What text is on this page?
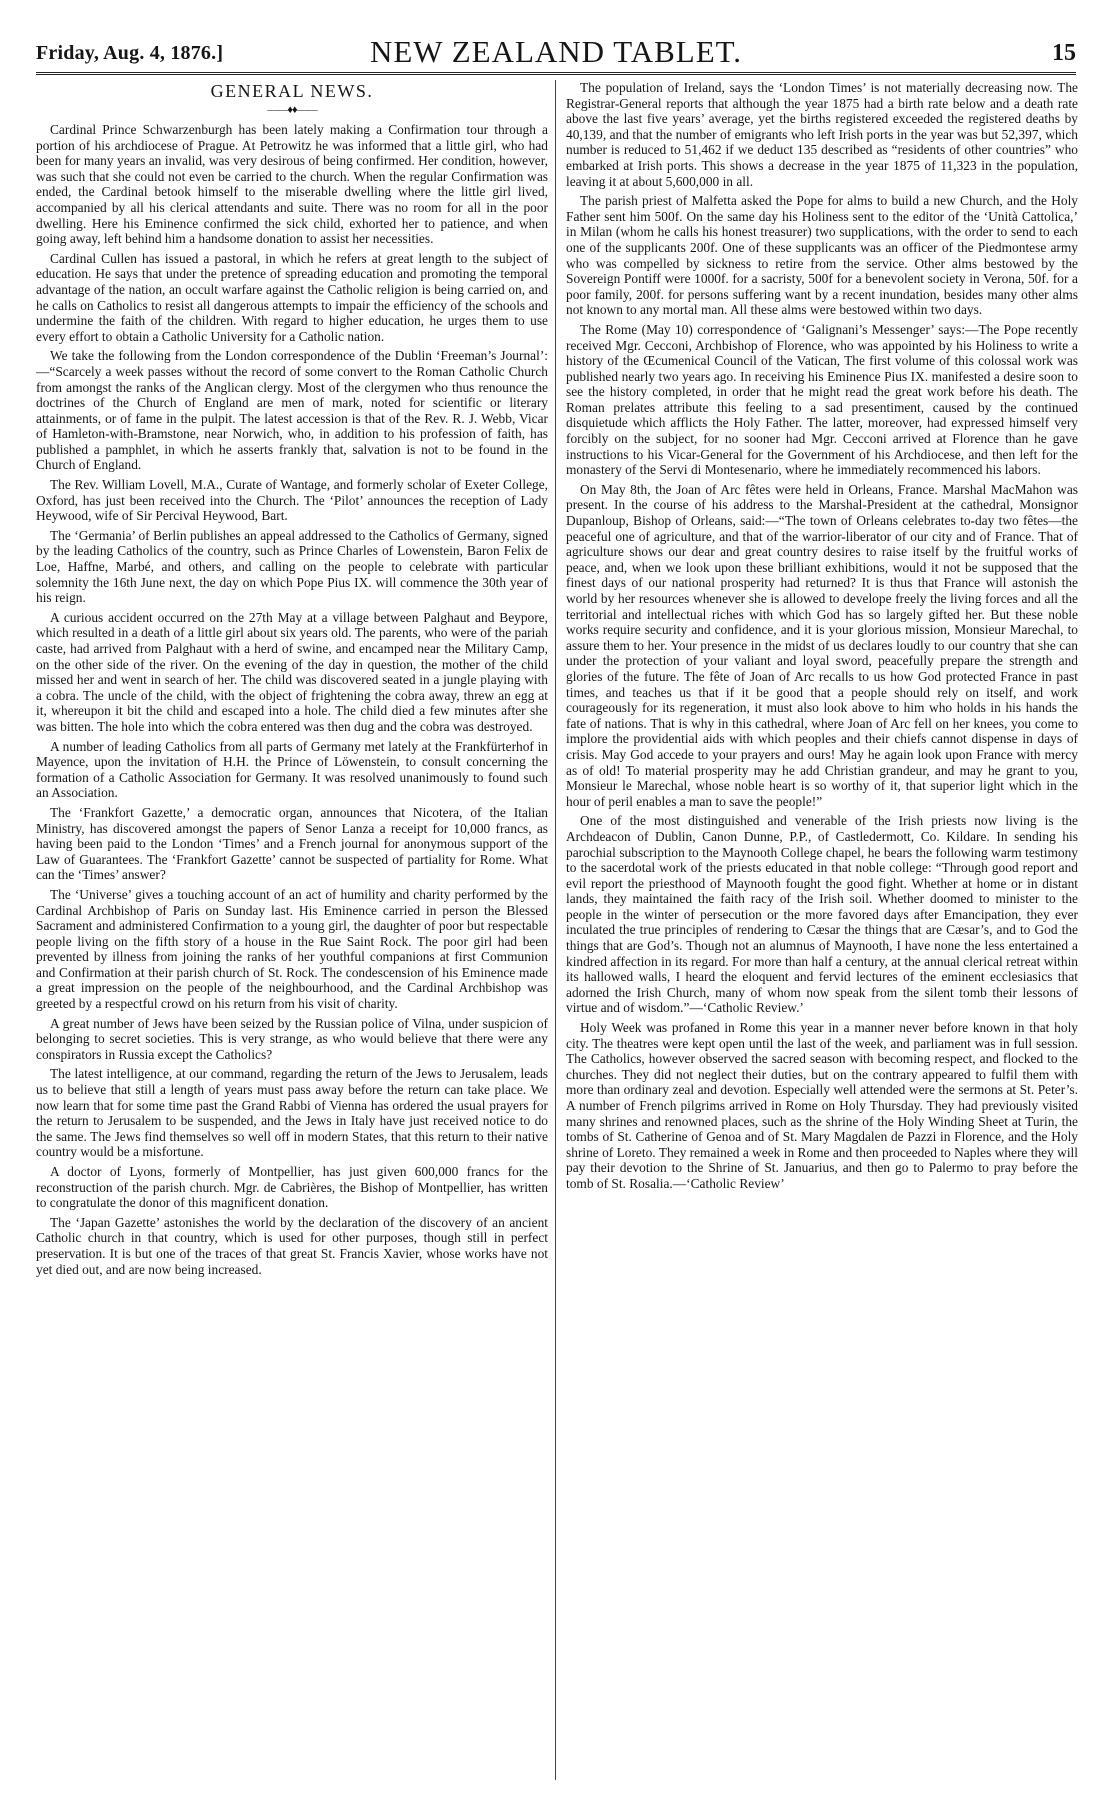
Friday, Aug. 4, 1876.]	NEW ZEALAND TABLET.	15
GENERAL NEWS.
——♦♦——

Cardinal Prince Schwarzenburgh has been lately making a Confirmation tour through a portion of his archdiocese of Prague. At Petrowitz he was informed that a little girl, who had been for many years an invalid, was very desirous of being confirmed. Her condition, however, was such that she could not even be carried to the church. When the regular Confirmation was ended, the Cardinal betook himself to the miserable dwelling where the little girl lived, accompanied by all his clerical attendants and suite. There was no room for all in the poor dwelling. Here his Eminence confirmed the sick child, exhorted her to patience, and when going away, left behind him a handsome donation to assist her necessities.

Cardinal Cullen has issued a pastoral, in which he refers at great length to the subject of education. He says that under the pretence of spreading education and promoting the temporal advantage of the nation, an occult warfare against the Catholic religion is being carried on, and he calls on Catholics to resist all dangerous attempts to impair the efficiency of the schools and undermine the faith of the children. With regard to higher education, he urges them to use every effort to obtain a Catholic University for a Catholic nation.

We take the following from the London correspondence of the Dublin ‘Freeman’s Journal’:—“Scarcely a week passes without the record of some convert to the Roman Catholic Church from amongst the ranks of the Anglican clergy. Most of the clergymen who thus renounce the doctrines of the Church of England are men of mark, noted for scientific or literary attainments, or of fame in the pulpit. The latest accession is that of the Rev. R. J. Webb, Vicar of Hamleton-with-Bramstone, near Norwich, who, in addition to his profession of faith, has published a pamphlet, in which he asserts frankly that, salvation is not to be found in the Church of England.

The Rev. William Lovell, M.A., Curate of Wantage, and formerly scholar of Exeter College, Oxford, has just been received into the Church. The ‘Pilot’ announces the reception of Lady Heywood, wife of Sir Percival Heywood, Bart.

The ‘Germania’ of Berlin publishes an appeal addressed to the Catholics of Germany, signed by the leading Catholics of the country, such as Prince Charles of Lowenstein, Baron Felix de Loe, Haffne, Marbé, and others, and calling on the people to celebrate with particular solemnity the 16th June next, the day on which Pope Pius IX. will commence the 30th year of his reign.

A curious accident occurred on the 27th May at a village between Palghaut and Beypore, which resulted in a death of a little girl about six years old. The parents, who were of the pariah caste, had arrived from Palghaut with a herd of swine, and encamped near the Military Camp, on the other side of the river. On the evening of the day in question, the mother of the child missed her and went in search of her. The child was discovered seated in a jungle playing with a cobra. The uncle of the child, with the object of frightening the cobra away, threw an egg at it, whereupon it bit the child and escaped into a hole. The child died a few minutes after she was bitten. The hole into which the cobra entered was then dug and the cobra was destroyed.

A number of leading Catholics from all parts of Germany met lately at the Frankfürterhof in Mayence, upon the invitation of H.H. the Prince of Löwenstein, to consult concerning the formation of a Catholic Association for Germany. It was resolved unanimously to found such an Association.

The ‘Frankfort Gazette,’ a democratic organ, announces that Nicotera, of the Italian Ministry, has discovered amongst the papers of Senor Lanza a receipt for 10,000 francs, as having been paid to the London ‘Times’ and a French journal for anonymous support of the Law of Guarantees. The ‘Frankfort Gazette’ cannot be suspected of partiality for Rome. What can the ‘Times’ answer?

The ‘Universe’ gives a touching account of an act of humility and charity performed by the Cardinal Archbishop of Paris on Sunday last. His Eminence carried in person the Blessed Sacrament and administered Confirmation to a young girl, the daughter of poor but respectable people living on the fifth story of a house in the Rue Saint Rock. The poor girl had been prevented by illness from joining the ranks of her youthful companions at first Communion and Confirmation at their parish church of St. Rock. The condescension of his Eminence made a great impression on the people of the neighbourhood, and the Cardinal Archbishop was greeted by a respectful crowd on his return from his visit of charity.

A great number of Jews have been seized by the Russian police of Vilna, under suspicion of belonging to secret societies. This is very strange, as who would believe that there were any conspirators in Russia except the Catholics?

The latest intelligence, at our command, regarding the return of the Jews to Jerusalem, leads us to believe that still a length of years must pass away before the return can take place. We now learn that for some time past the Grand Rabbi of Vienna has ordered the usual prayers for the return to Jerusalem to be suspended, and the Jews in Italy have just received notice to do the same. The Jews find themselves so well off in modern States, that this return to their native country would be a misfortune.

A doctor of Lyons, formerly of Montpellier, has just given 600,000 francs for the reconstruction of the parish church. Mgr. de Cabrières, the Bishop of Montpellier, has written to congratulate the donor of this magnificent donation.

The ‘Japan Gazette’ astonishes the world by the declaration of the discovery of an ancient Catholic church in that country, which is used for other purposes, though still in perfect preservation. It is but one of the traces of that great St. Francis Xavier, whose works have not yet died out, and are now being increased.

The population of Ireland, says the ‘London Times’ is not materially decreasing now. The Registrar-General reports that although the year 1875 had a birth rate below and a death rate above the last five years’ average, yet the births registered exceeded the registered deaths by 40,139, and that the number of emigrants who left Irish ports in the year was but 52,397, which number is reduced to 51,462 if we deduct 135 described as “residents of other countries” who embarked at Irish ports. This shows a decrease in the year 1875 of 11,323 in the population, leaving it at about 5,600,000 in all.

The parish priest of Malfetta asked the Pope for alms to build a new Church, and the Holy Father sent him 500f. On the same day his Holiness sent to the editor of the ‘Unità Cattolica,’ in Milan (whom he calls his honest treasurer) two supplications, with the order to send to each one of the supplicants 200f. One of these supplicants was an officer of the Piedmontese army who was compelled by sickness to retire from the service. Other alms bestowed by the Sovereign Pontiff were 1000f. for a sacristy, 500f for a benevolent society in Verona, 50f. for a poor family, 200f. for persons suffering want by a recent inundation, besides many other alms not known to any mortal man. All these alms were bestowed within two days.

The Rome (May 10) correspondence of ‘Galignani’s Messenger’ says:—The Pope recently received Mgr. Cecconi, Archbishop of Florence, who was appointed by his Holiness to write a history of the Œcumenical Council of the Vatican, The first volume of this colossal work was published nearly two years ago. In receiving his Eminence Pius IX. manifested a desire soon to see the history completed, in order that he might read the great work before his death. The Roman prelates attribute this feeling to a sad presentiment, caused by the continued disquietude which afflicts the Holy Father. The latter, moreover, had expressed himself very forcibly on the subject, for no sooner had Mgr. Cecconi arrived at Florence than he gave instructions to his Vicar-General for the Government of his Archdiocese, and then left for the monastery of the Servi di Montesenario, where he immediately recommenced his labors.

On May 8th, the Joan of Arc fêtes were held in Orleans, France. Marshal MacMahon was present. In the course of his address to the Marshal-President at the cathedral, Monsignor Dupanloup, Bishop of Orleans, said:—“The town of Orleans celebrates to-day two fêtes—the peaceful one of agriculture, and that of the warrior-liberator of our city and of France. That of agriculture shows our dear and great country desires to raise itself by the fruitful works of peace, and, when we look upon these brilliant exhibitions, would it not be supposed that the finest days of our national prosperity had returned? It is thus that France will astonish the world by her resources whenever she is allowed to develope freely the living forces and all the territorial and intellectual riches with which God has so largely gifted her. But these noble works require security and confidence, and it is your glorious mission, Monsieur Marechal, to assure them to her. Your presence in the midst of us declares loudly to our country that she can under the protection of your valiant and loyal sword, peacefully prepare the strength and glories of the future. The fête of Joan of Arc recalls to us how God protected France in past times, and teaches us that if it be good that a people should rely on itself, and work courageously for its regeneration, it must also look above to him who holds in his hands the fate of nations. That is why in this cathedral, where Joan of Arc fell on her knees, you come to implore the providential aids with which peoples and their chiefs cannot dispense in days of crisis. May God accede to your prayers and ours! May he again look upon France with mercy as of old! To material prosperity may he add Christian grandeur, and may he grant to you, Monsieur le Marechal, whose noble heart is so worthy of it, that superior light which in the hour of peril enables a man to save the people!”

One of the most distinguished and venerable of the Irish priests now living is the Archdeacon of Dublin, Canon Dunne, P.P., of Castledermott, Co. Kildare. In sending his parochial subscription to the Maynooth College chapel, he bears the following warm testimony to the sacerdotal work of the priests educated in that noble college: “Through good report and evil report the priesthood of Maynooth fought the good fight. Whether at home or in distant lands, they maintained the faith racy of the Irish soil. Whether doomed to minister to the people in the winter of persecution or the more favored days after Emancipation, they ever inculated the true principles of rendering to Cæsar the things that are Cæsar’s, and to God the things that are God’s. Though not an alumnus of Maynooth, I have none the less entertained a kindred affection in its regard. For more than half a century, at the annual clerical retreat within its hallowed walls, I heard the eloquent and fervid lectures of the eminent ecclesiasics that adorned the Irish Church, many of whom now speak from the silent tomb their lessons of virtue and of wisdom.”—‘Catholic Review.’

Holy Week was profaned in Rome this year in a manner never before known in that holy city. The theatres were kept open until the last of the week, and parliament was in full session. The Catholics, however observed the sacred season with becoming respect, and flocked to the churches. They did not neglect their duties, but on the contrary appeared to fulfil them with more than ordinary zeal and devotion. Especially well attended were the sermons at St. Peter’s. A number of French pilgrims arrived in Rome on Holy Thursday. They had previously visited many shrines and renowned places, such as the shrine of the Holy Winding Sheet at Turin, the tombs of St. Catherine of Genoa and of St. Mary Magdalen de Pazzi in Florence, and the Holy shrine of Loreto. They remained a week in Rome and then proceeded to Naples where they will pay their devotion to the Shrine of St. Januarius, and then go to Palermo to pray before the tomb of St. Rosalia.—‘Catholic Review’
